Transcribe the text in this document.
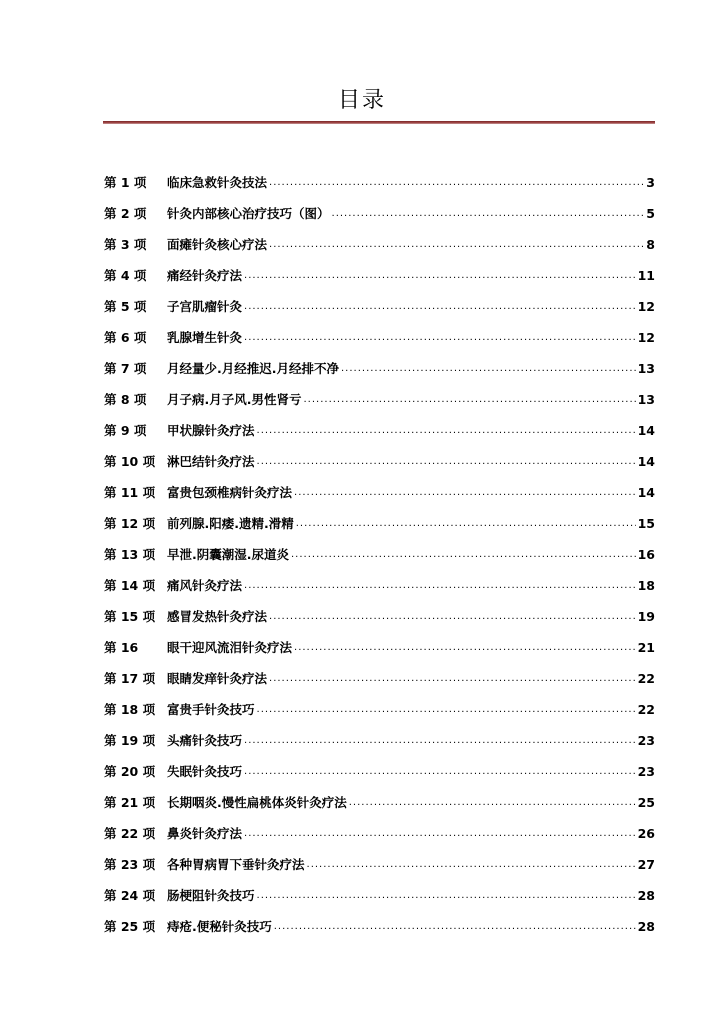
目录
第 1 项	临床急救针灸技法 .....	3
第 2 项	针灸内部核心治疗技巧（图） .....	5
第 3 项	面瘫针灸核心疗法 .....	8
第 4 项	痛经针灸疗法 .....	11
第 5 项	子宫肌瘤针灸 .....	12
第 6 项	乳腺增生针灸 .....	12
第 7 项	月经量少.月经推迟.月经排不净 .....	13
第 8 项	月子病.月子风.男性肾亏 .....	13
第 9 项	甲状腺针灸疗法 .....	14
第 10 项 淋巴结针灸疗法 .....	14
第 11 项 富贵包颈椎病针灸疗法 .....	14
第 12 项 前列腺.阳痿.遗精.滑精 .....	15
第 13 项 早泄.阴囊潮湿.尿道炎 .....	16
第 14 项 痛风针灸疗法 .....	18
第 15 项 感冒发热针灸疗法 .....	19
第 16	眼干迎风流泪针灸疗法 .....	21
第 17 项 眼睛发痒针灸疗法 .....	22
第 18 项 富贵手针灸技巧 .....	22
第 19 项 头痛针灸技巧 .....	23
第 20 项 失眠针灸技巧 .....	23
第 21 项 长期咽炎.慢性扁桃体炎针灸疗法 .....	25
第 22 项 鼻炎针灸疗法 .....	26
第 23 项 各种胃病胃下垂针灸疗法 .....	27
第 24 项 肠梗阻针灸技巧 .....	28
第 25 项 痔疮.便秘针灸技巧 .....	28
